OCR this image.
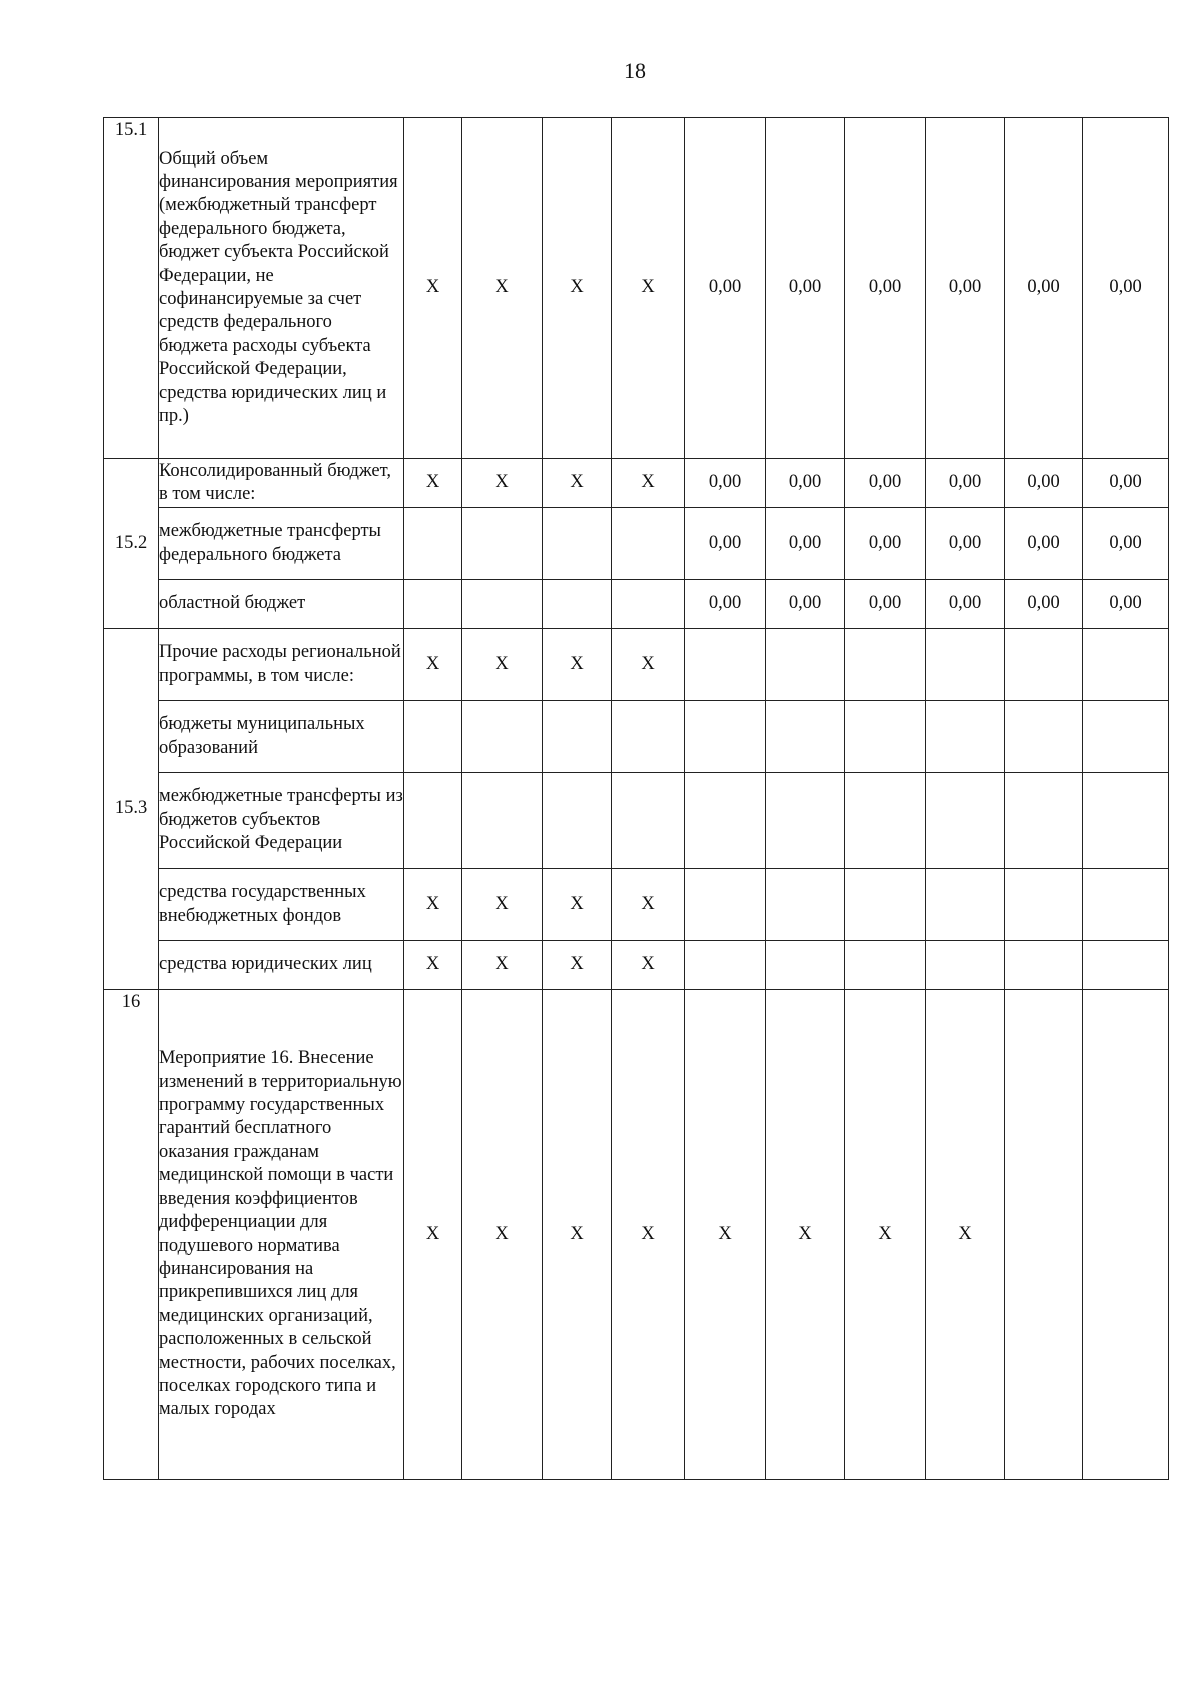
18
15.1	Общий объем финансирования мероприятия (межбюджетный трансферт федерального бюджета, бюджет субъекта Российской Федерации, не софинансируемые за счет средств федерального бюджета расходы субъекта Российской Федерации, средства юридических лиц и пр.)	X	X	X	X	0,00	0,00	0,00	0,00	0,00	0,00
15.2	Консолидированный бюджет, в том числе:	X	X	X	X	0,00	0,00	0,00	0,00	0,00	0,00
	межбюджетные трансферты федерального бюджета					0,00	0,00	0,00	0,00	0,00	0,00
	областной бюджет					0,00	0,00	0,00	0,00	0,00	0,00
15.3	Прочие расходы региональной программы, в том числе:	X	X	X	X						
	бюджеты муниципальных образований										
	межбюджетные трансферты из бюджетов субъектов Российской Федерации										
	средства государственных внебюджетных фондов	X	X	X	X						
	средства юридических лиц	X	X	X	X						
16	Мероприятие 16. Внесение изменений в территориальную программу государственных гарантий бесплатного оказания гражданам медицинской помощи в части введения коэффициентов дифференциации для подушевого норматива финансирования на прикрепившихся лиц для медицинских организаций, расположенных в сельской местности, рабочих поселках, поселках городского типа и малых городах	X	X	X	X	X	X	X	X		
